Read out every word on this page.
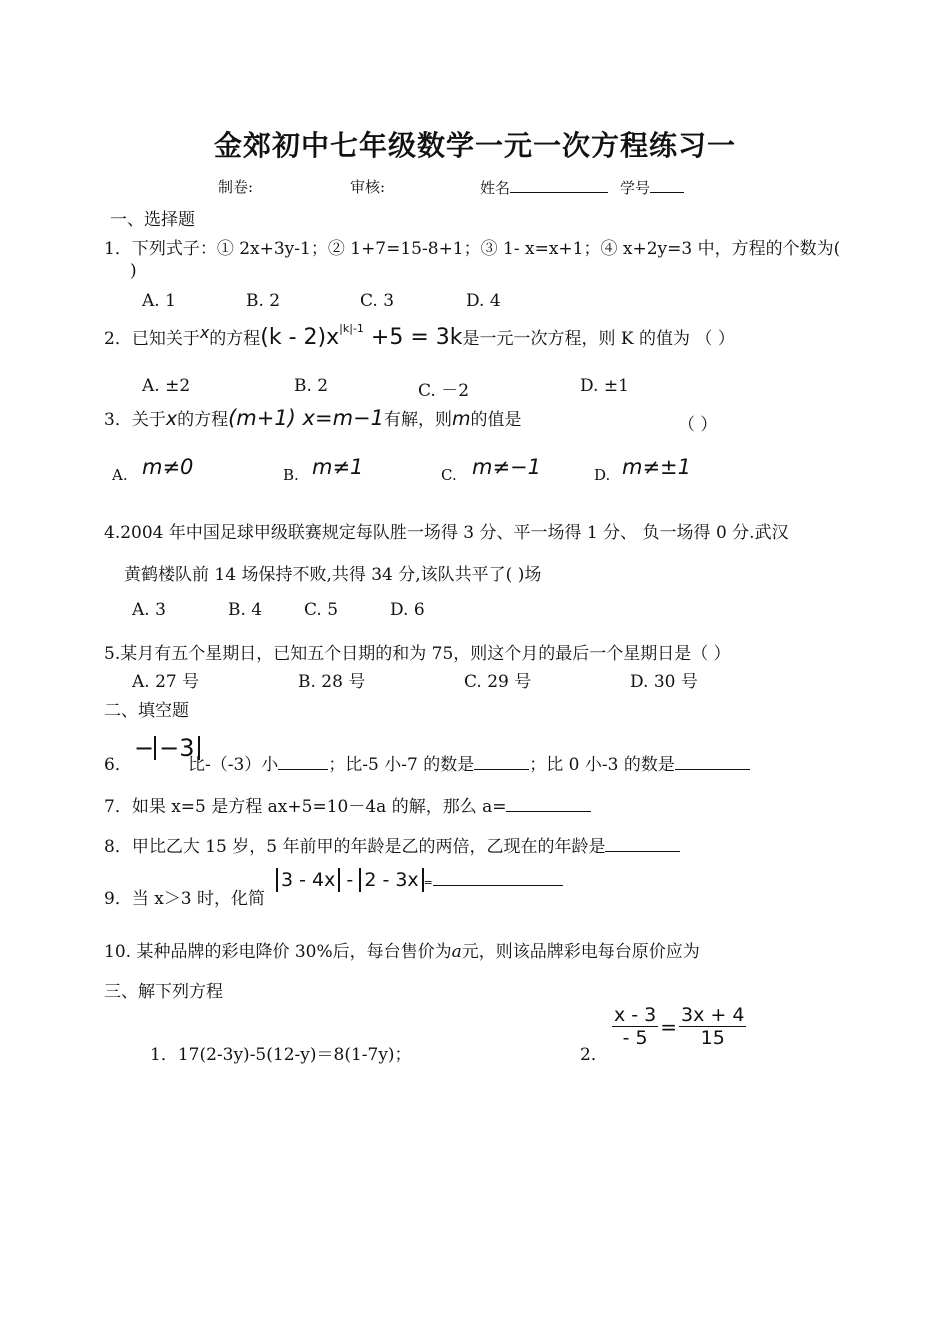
金郊初中七年级数学一元一次方程练习一
制卷:	审核:	姓名	学号
一、选择题
1．下列式子：① 2x+3y-1；② 1+7=15-8+1；③ 1- x=x+1；④ x+2y=3 中，方程的个数为(
)
A. 1	B. 2	C. 3	D. 4
2．已知关于x的方程$(k - 2)x^{|k|-1} +5 = 3k$是一元一次方程，则 K 的值为 （ ）
A. ±2	B. 2	C. －2	D. ±1
3．关于x的方程(m+1) x=m−1有解，则m的值是	（ ）
A. m≠0	B. m≠1	C. m≠−1	D. m≠±1
4.2004 年中国足球甲级联赛规定每队胜一场得 3 分、平一场得 1 分、 负一场得 0 分.武汉
黄鹤楼队前 14 场保持不败,共得 34 分,该队共平了( )场
A. 3	B. 4 C. 5	D. 6
5.某月有五个星期日，已知五个日期的和为 75，则这个月的最后一个星期日是（ ）
A. 27 号	B. 28 号	C. 29 号	D. 30 号
二、填空题
6．
− −3
比-（-3）小	；比-5 小-7 的数是	；比 0 小-3 的数是
7．如果 x=5 是方程 ax+5=10－4a 的解，那么 a=
8．甲比乙大 15 岁，5 年前甲的年龄是乙的两倍，乙现在的年龄是
9．当 x＞3 时，化简
3 - 4x - 2 - 3x =
10. 某种品牌的彩电降价 30%后，每台售价为a元，则该品牌彩电每台原价应为
三、解下列方程
1．17(2-3y)-5(12-y)＝8(1-7y)；	2．
$\frac{x - 3}{- 5} = \frac{3x + 4}{15}$
